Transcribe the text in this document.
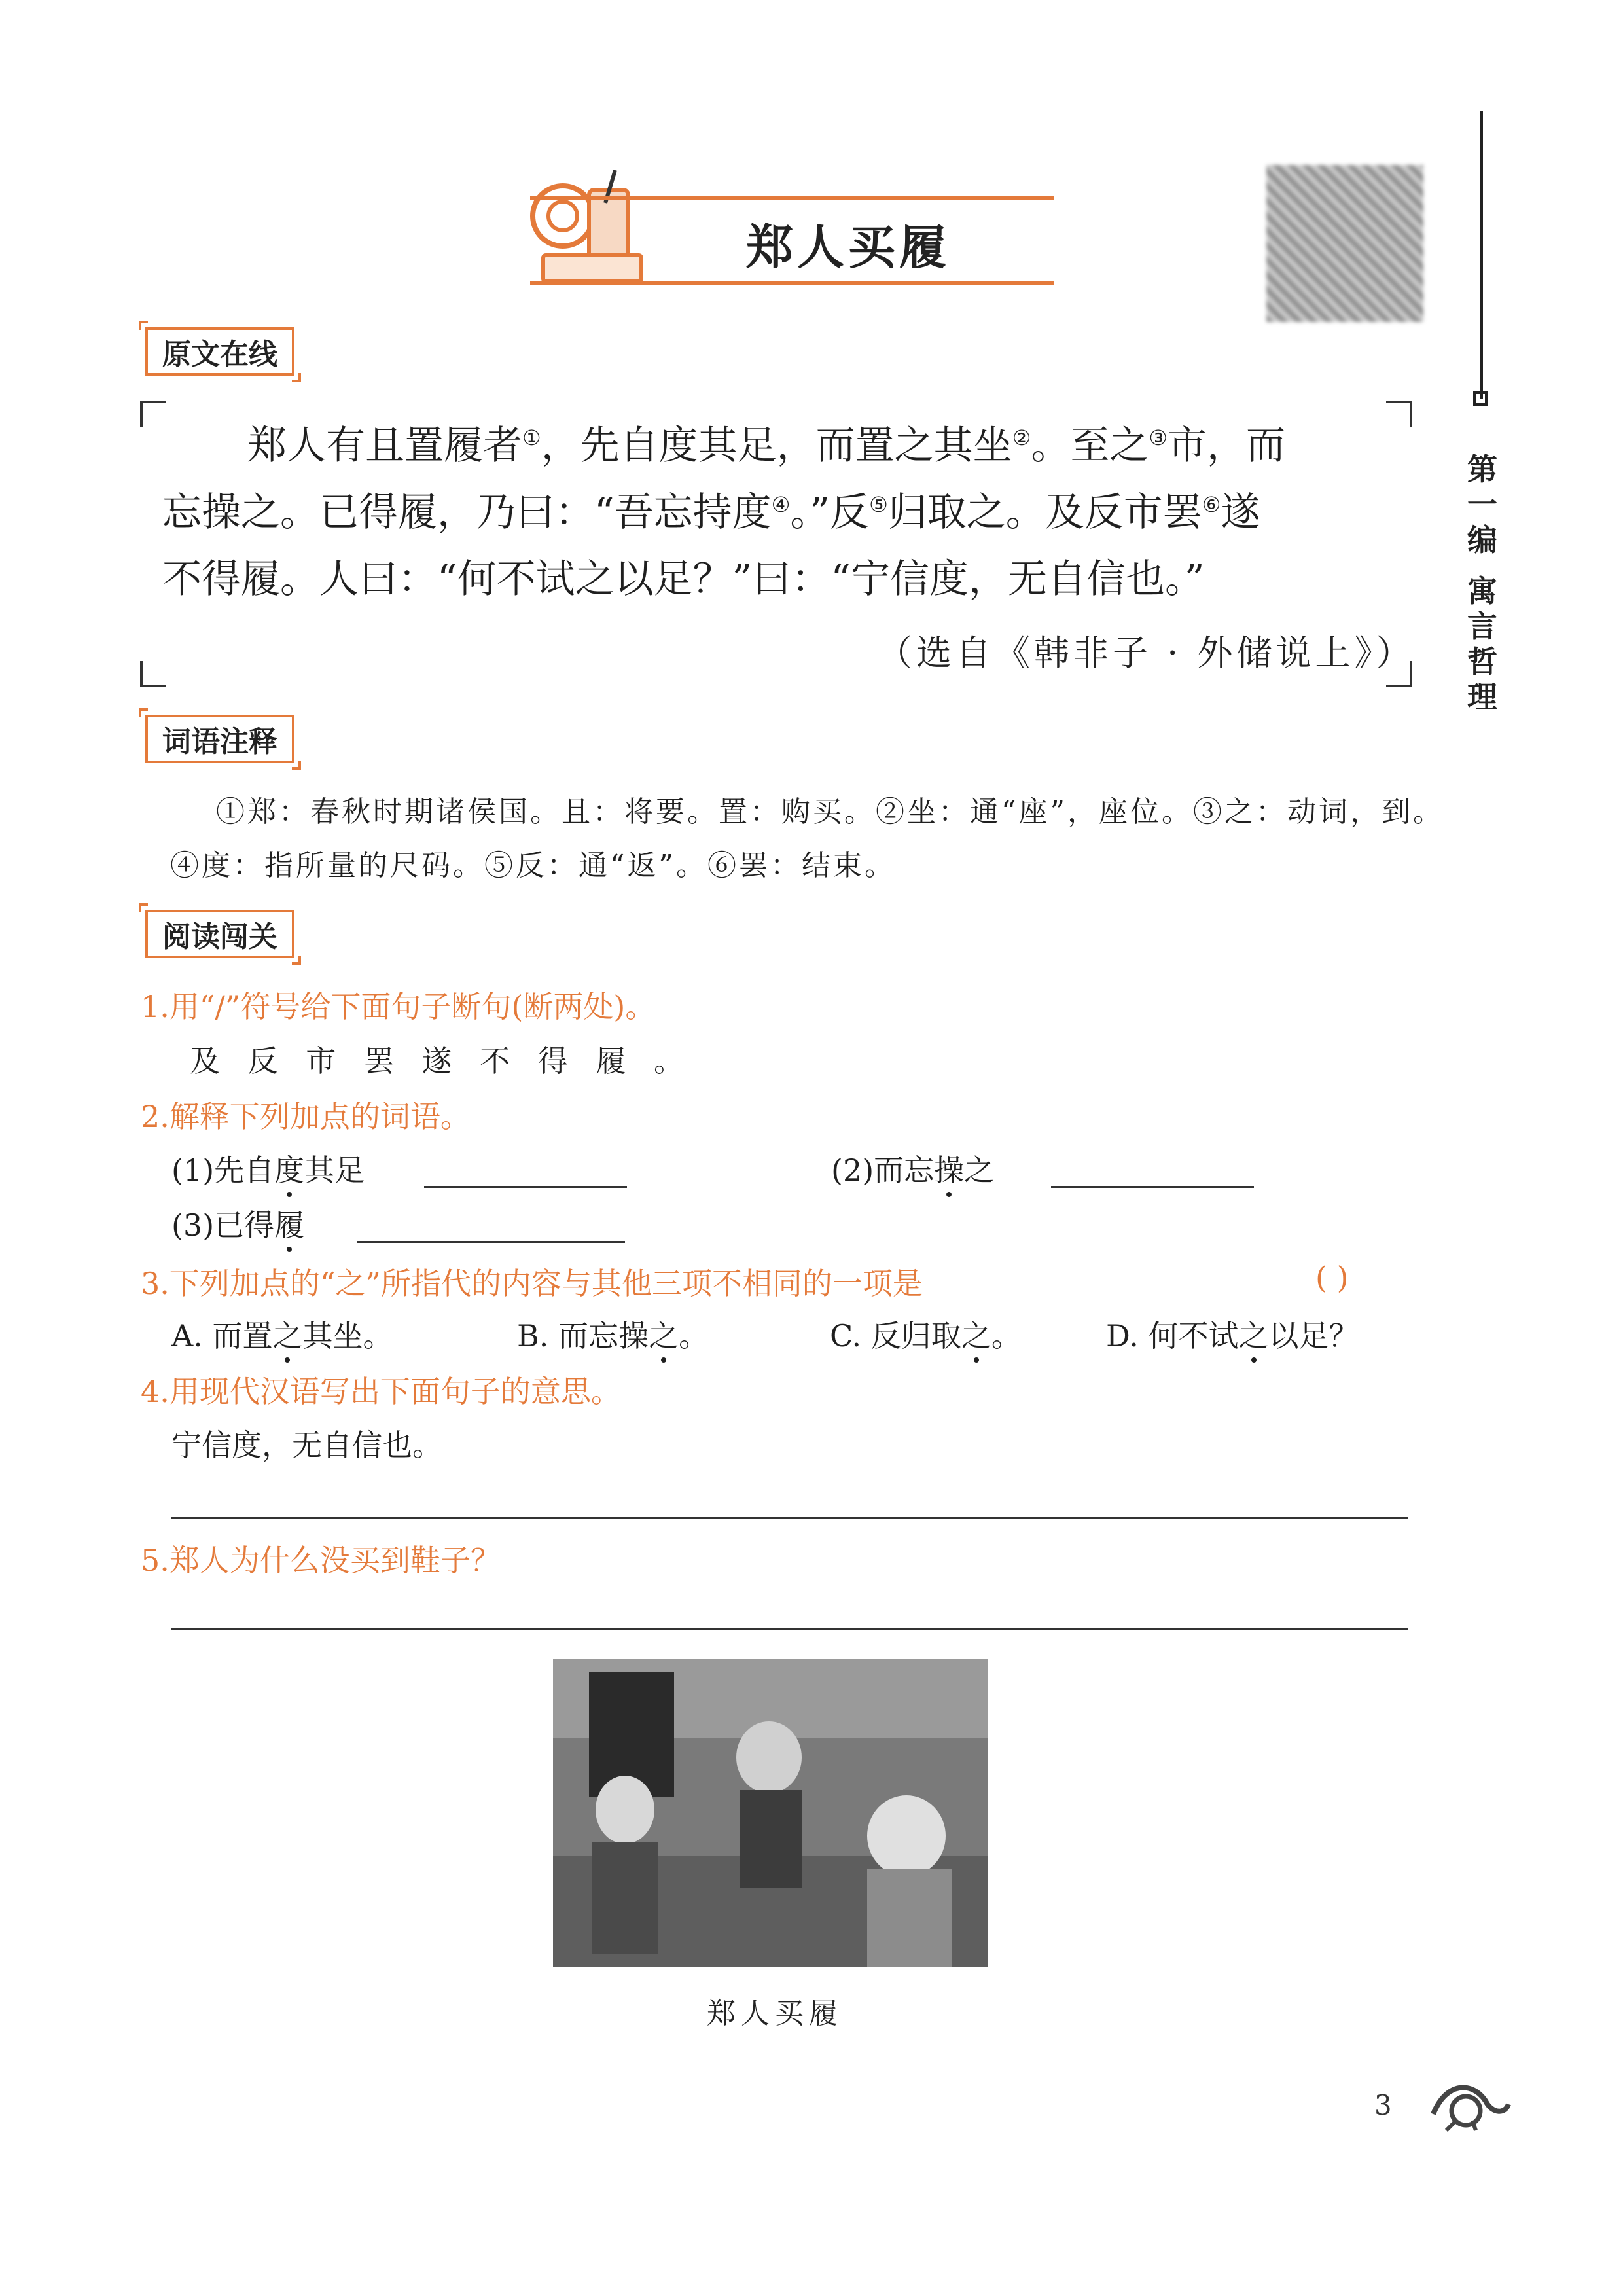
郑人买履
第一编
寓言哲理
原文在线

郑人有且置履者①，先自度其足，而置之其坐②。至之③市，而

忘操之。已得履，乃曰：“吾忘持度④。”反⑤归取之。及反市罢⑥遂

不得履。人曰：“何不试之以足？”曰：“宁信度，无自信也。”

（选自《韩非子 · 外储说上》）
词语注释
①郑：春秋时期诸侯国。且：将要。置：购买。②坐：通“座”，座位。③之：动词，到。
④度：指所量的尺码。⑤反：通“返”。⑥罢：结束。
阅读闯关
1.用“/”符号给下面句子断句(断两处)。
及 反 市 罢 遂 不 得 履 。
2.解释下列加点的词语。
(1)先自度其足	(2)而忘操之
(3)已得履
3.下列加点的“之”所指代的内容与其他三项不相同的一项是	( )
A. 而置之其坐。	B. 而忘操之。	C. 反归取之。	D. 何不试之以足？
4.用现代汉语写出下面句子的意思。
宁信度，无自信也。
5.郑人为什么没买到鞋子？
郑人买履
3
